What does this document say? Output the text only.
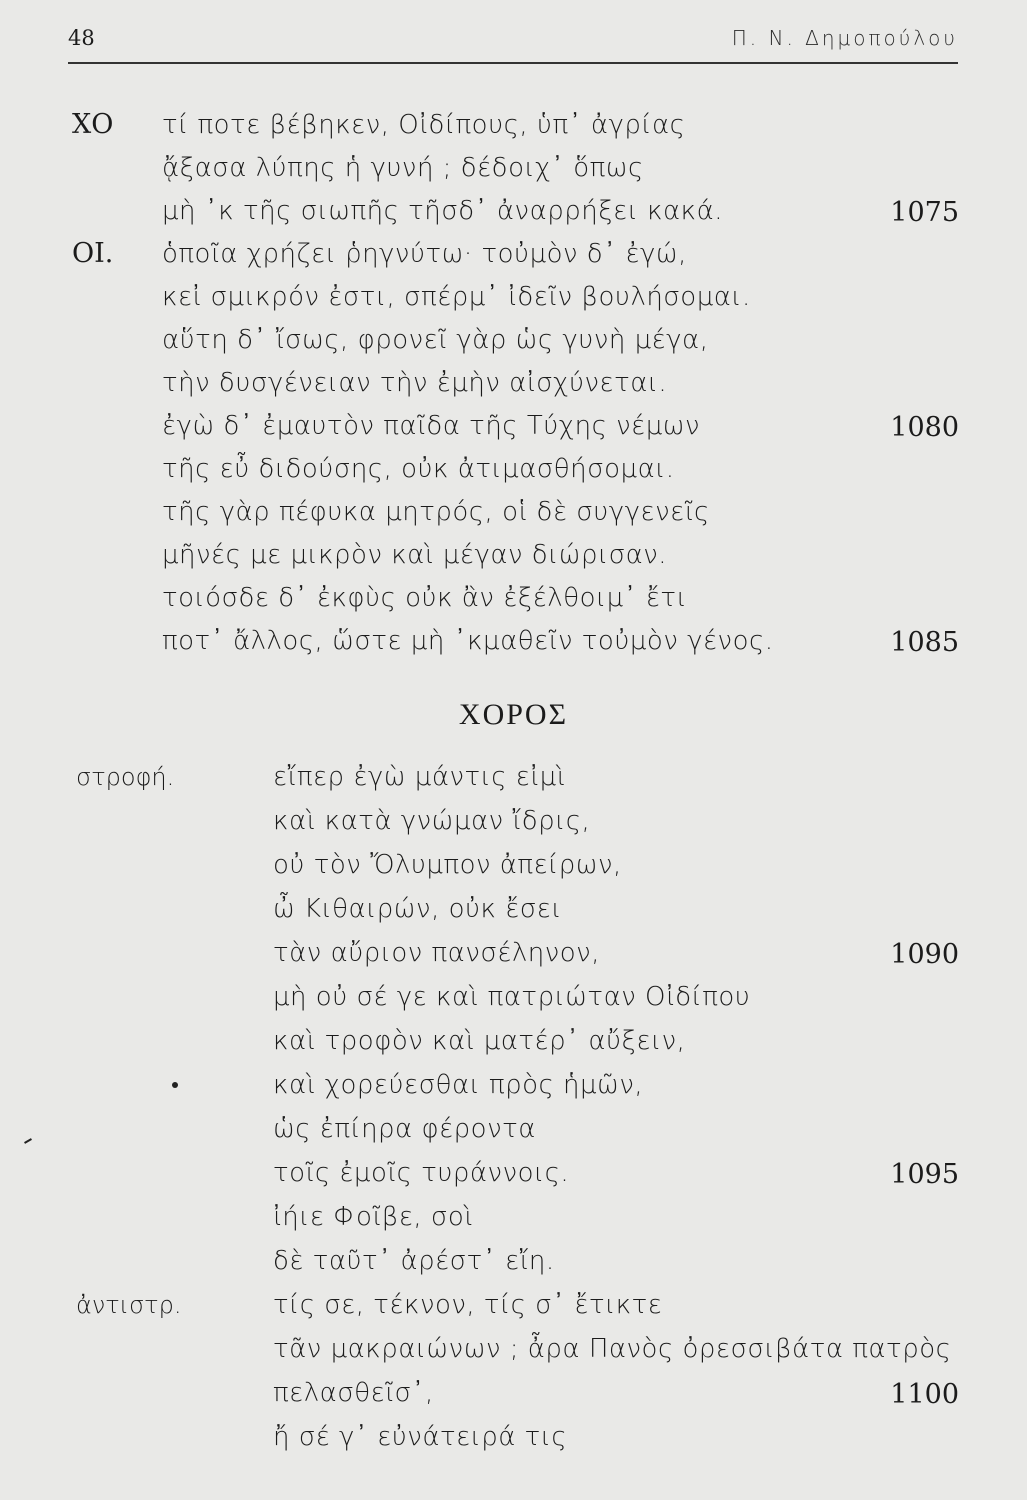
48	Π. Ν. Δημοπούλου
ΧΟ τί ποτε βέβηκεν, Οἰδίπους, ὑπ᾽ ἀγρίας
ᾄξασα λύπης ἡ γυνή ; δέδοιχ᾽ ὅπως
μὴ ᾽κ τῆς σιωπῆς τῆσδ᾽ ἀναρρήξει κακά.	1075
ΟΙ. ὁποῖα χρήζει ῥηγνύτω· τοὐμὸν δ᾽ ἐγώ,
κεἰ σμικρόν ἐστι, σπέρμ᾽ ἰδεῖν βουλήσομαι.
αὕτη δ᾽ ἴσως, φρονεῖ γὰρ ὡς γυνὴ μέγα,
τὴν δυσγένειαν τὴν ἐμὴν αἰσχύνεται.
ἐγὼ δ᾽ ἐμαυτὸν παῖδα τῆς Τύχης νέμων	1080
τῆς εὖ διδούσης, οὐκ ἀτιμασθήσομαι.
τῆς γὰρ πέφυκα μητρός, οἱ δὲ συγγενεῖς
μῆνές με μικρὸν καὶ μέγαν διώρισαν.
τοιόσδε δ᾽ ἐκφὺς οὐκ ἂν ἐξέλθοιμ᾽ ἔτι
ποτ᾽ ἄλλος, ὥστε μὴ ᾽κμαθεῖν τοὐμὸν γένος.	1085
ΧΟΡΟΣ
στροφή.	εἴπερ ἐγὼ μάντις εἰμὶ
καὶ κατὰ γνώμαν ἴδρις,
οὐ τὸν Ὄλυμπον ἀπείρων,
ὦ Κιθαιρών, οὐκ ἔσει
τὰν αὔριον πανσέληνον,	1090
μὴ οὐ σέ γε καὶ πατριώταν Οἰδίπου
καὶ τροφὸν καὶ ματέρ᾽ αὔξειν,
καὶ χορεύεσθαι πρὸς ἡμῶν,
ὡς ἐπίηρα φέροντα
τοῖς ἐμοῖς τυράννοις.	1095
ἰήιε Φοῖβε, σοὶ
δὲ ταῦτ᾽ ἀρέστ᾽ εἴη.
ἀντιστρ.	τίς σε, τέκνον, τίς σ᾽ ἔτικτε
τᾶν μακραιώνων ; ἆρα Πανὸς ὀρεσσιβάτα πατρὸς
πελασθεῖσ᾽,	1100
ἤ σέ γ᾽ εὐνάτειρά τις
